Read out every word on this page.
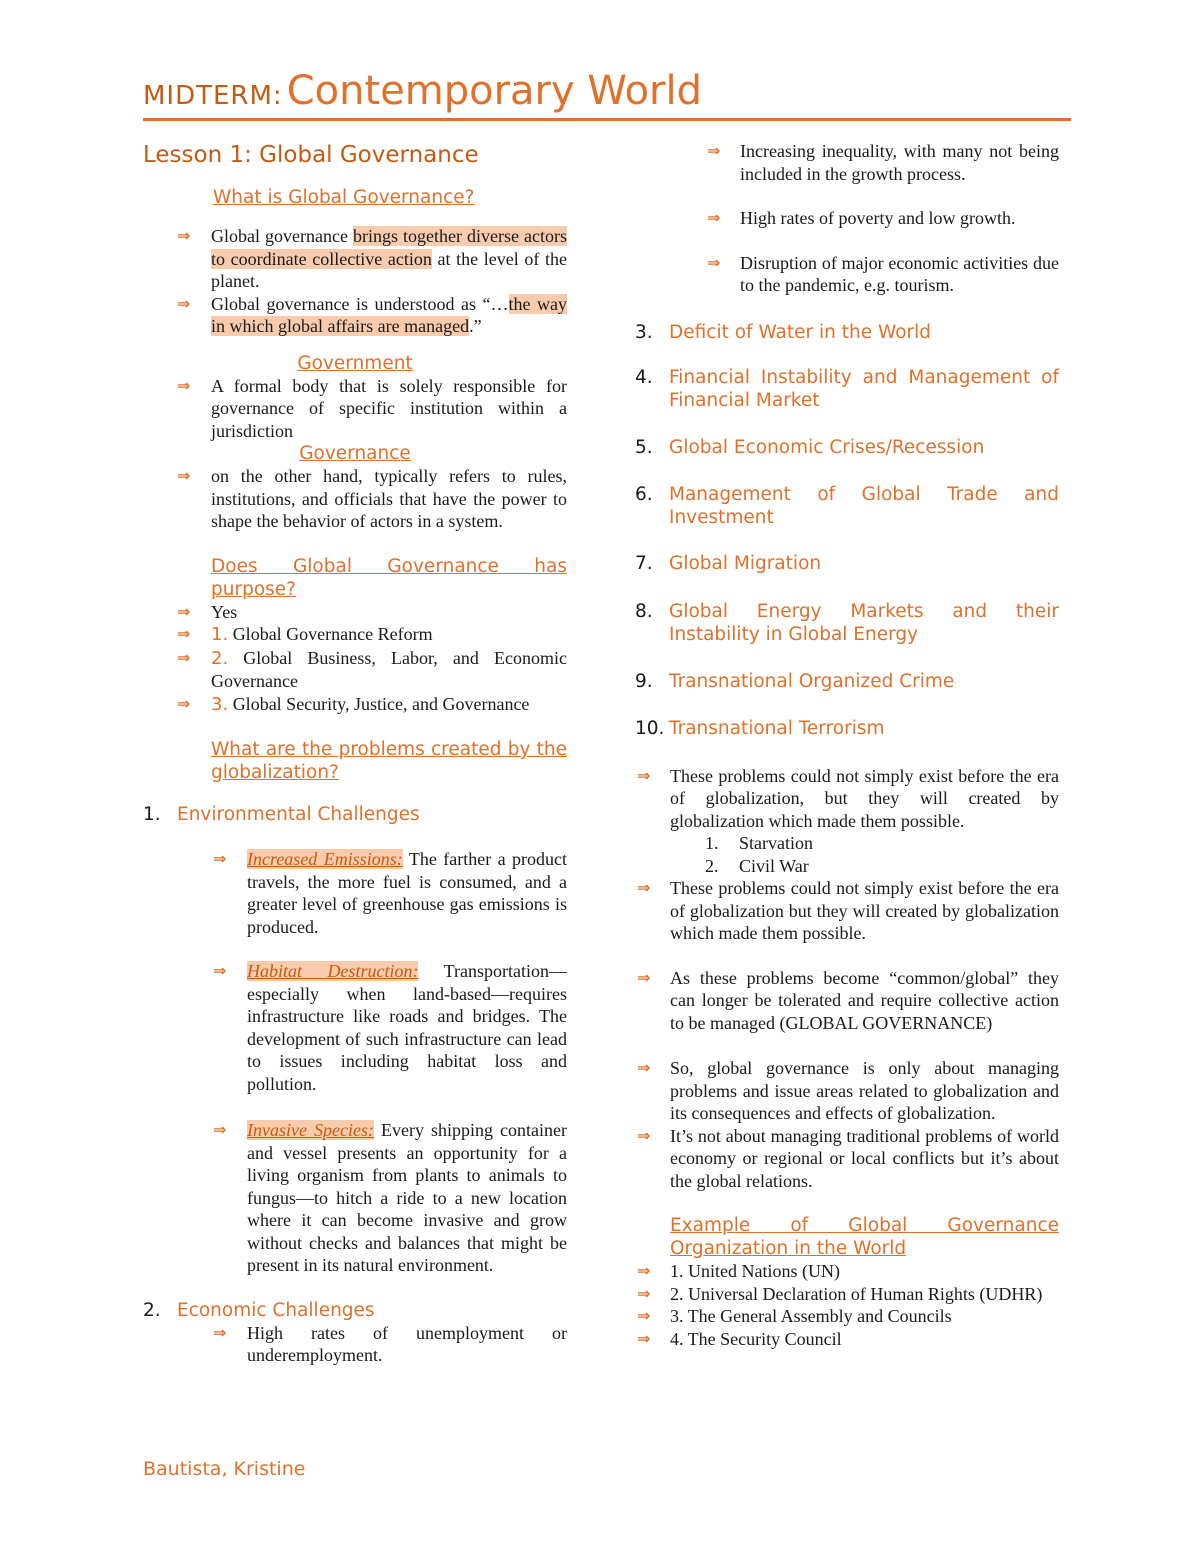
MIDTERM: Contemporary World
Lesson 1: Global Governance
What is Global Governance?
⇒ Global governance brings together diverse actors to coordinate collective action at the level of the planet.
⇒ Global governance is understood as “…the way in which global affairs are managed.”
Government
⇒ A formal body that is solely responsible for governance of specific institution within a jurisdiction
Governance
⇒ on the other hand, typically refers to rules, institutions, and officials that have the power to shape the behavior of actors in a system.
Does Global Governance has purpose?
⇒ Yes
⇒ 1. Global Governance Reform
⇒ 2. Global Business, Labor, and Economic Governance
⇒ 3. Global Security, Justice, and Governance
What are the problems created by the globalization?
1. Environmental Challenges
⇒ Increased Emissions: The farther a product travels, the more fuel is consumed, and a greater level of greenhouse gas emissions is produced.
⇒ Habitat Destruction: Transportation—especially when land-based—requires infrastructure like roads and bridges. The development of such infrastructure can lead to issues including habitat loss and pollution.
⇒ Invasive Species: Every shipping container and vessel presents an opportunity for a living organism from plants to animals to fungus—to hitch a ride to a new location where it can become invasive and grow without checks and balances that might be present in its natural environment.
2. Economic Challenges
⇒ High rates of unemployment or underemployment.
⇒ Increasing inequality, with many not being included in the growth process.
⇒ High rates of poverty and low growth.
⇒ Disruption of major economic activities due to the pandemic, e.g. tourism.
3. Deficit of Water in the World
4. Financial Instability and Management of Financial Market
5. Global Economic Crises/Recession
6. Management of Global Trade and Investment
7. Global Migration
8. Global Energy Markets and their Instability in Global Energy
9. Transnational Organized Crime
10. Transnational Terrorism
⇒ These problems could not simply exist before the era of globalization, but they will created by globalization which made them possible.
1. Starvation
2. Civil War
⇒ These problems could not simply exist before the era of globalization but they will created by globalization which made them possible.
⇒ As these problems become “common/global” they can longer be tolerated and require collective action to be managed (GLOBAL GOVERNANCE)
⇒ So, global governance is only about managing problems and issue areas related to globalization and its consequences and effects of globalization.
⇒ It’s not about managing traditional problems of world economy or regional or local conflicts but it’s about the global relations.
Example of Global Governance Organization in the World
⇒ 1. United Nations (UN)
⇒ 2. Universal Declaration of Human Rights (UDHR)
⇒ 3. The General Assembly and Councils
⇒ 4. The Security Council
Bautista, Kristine
